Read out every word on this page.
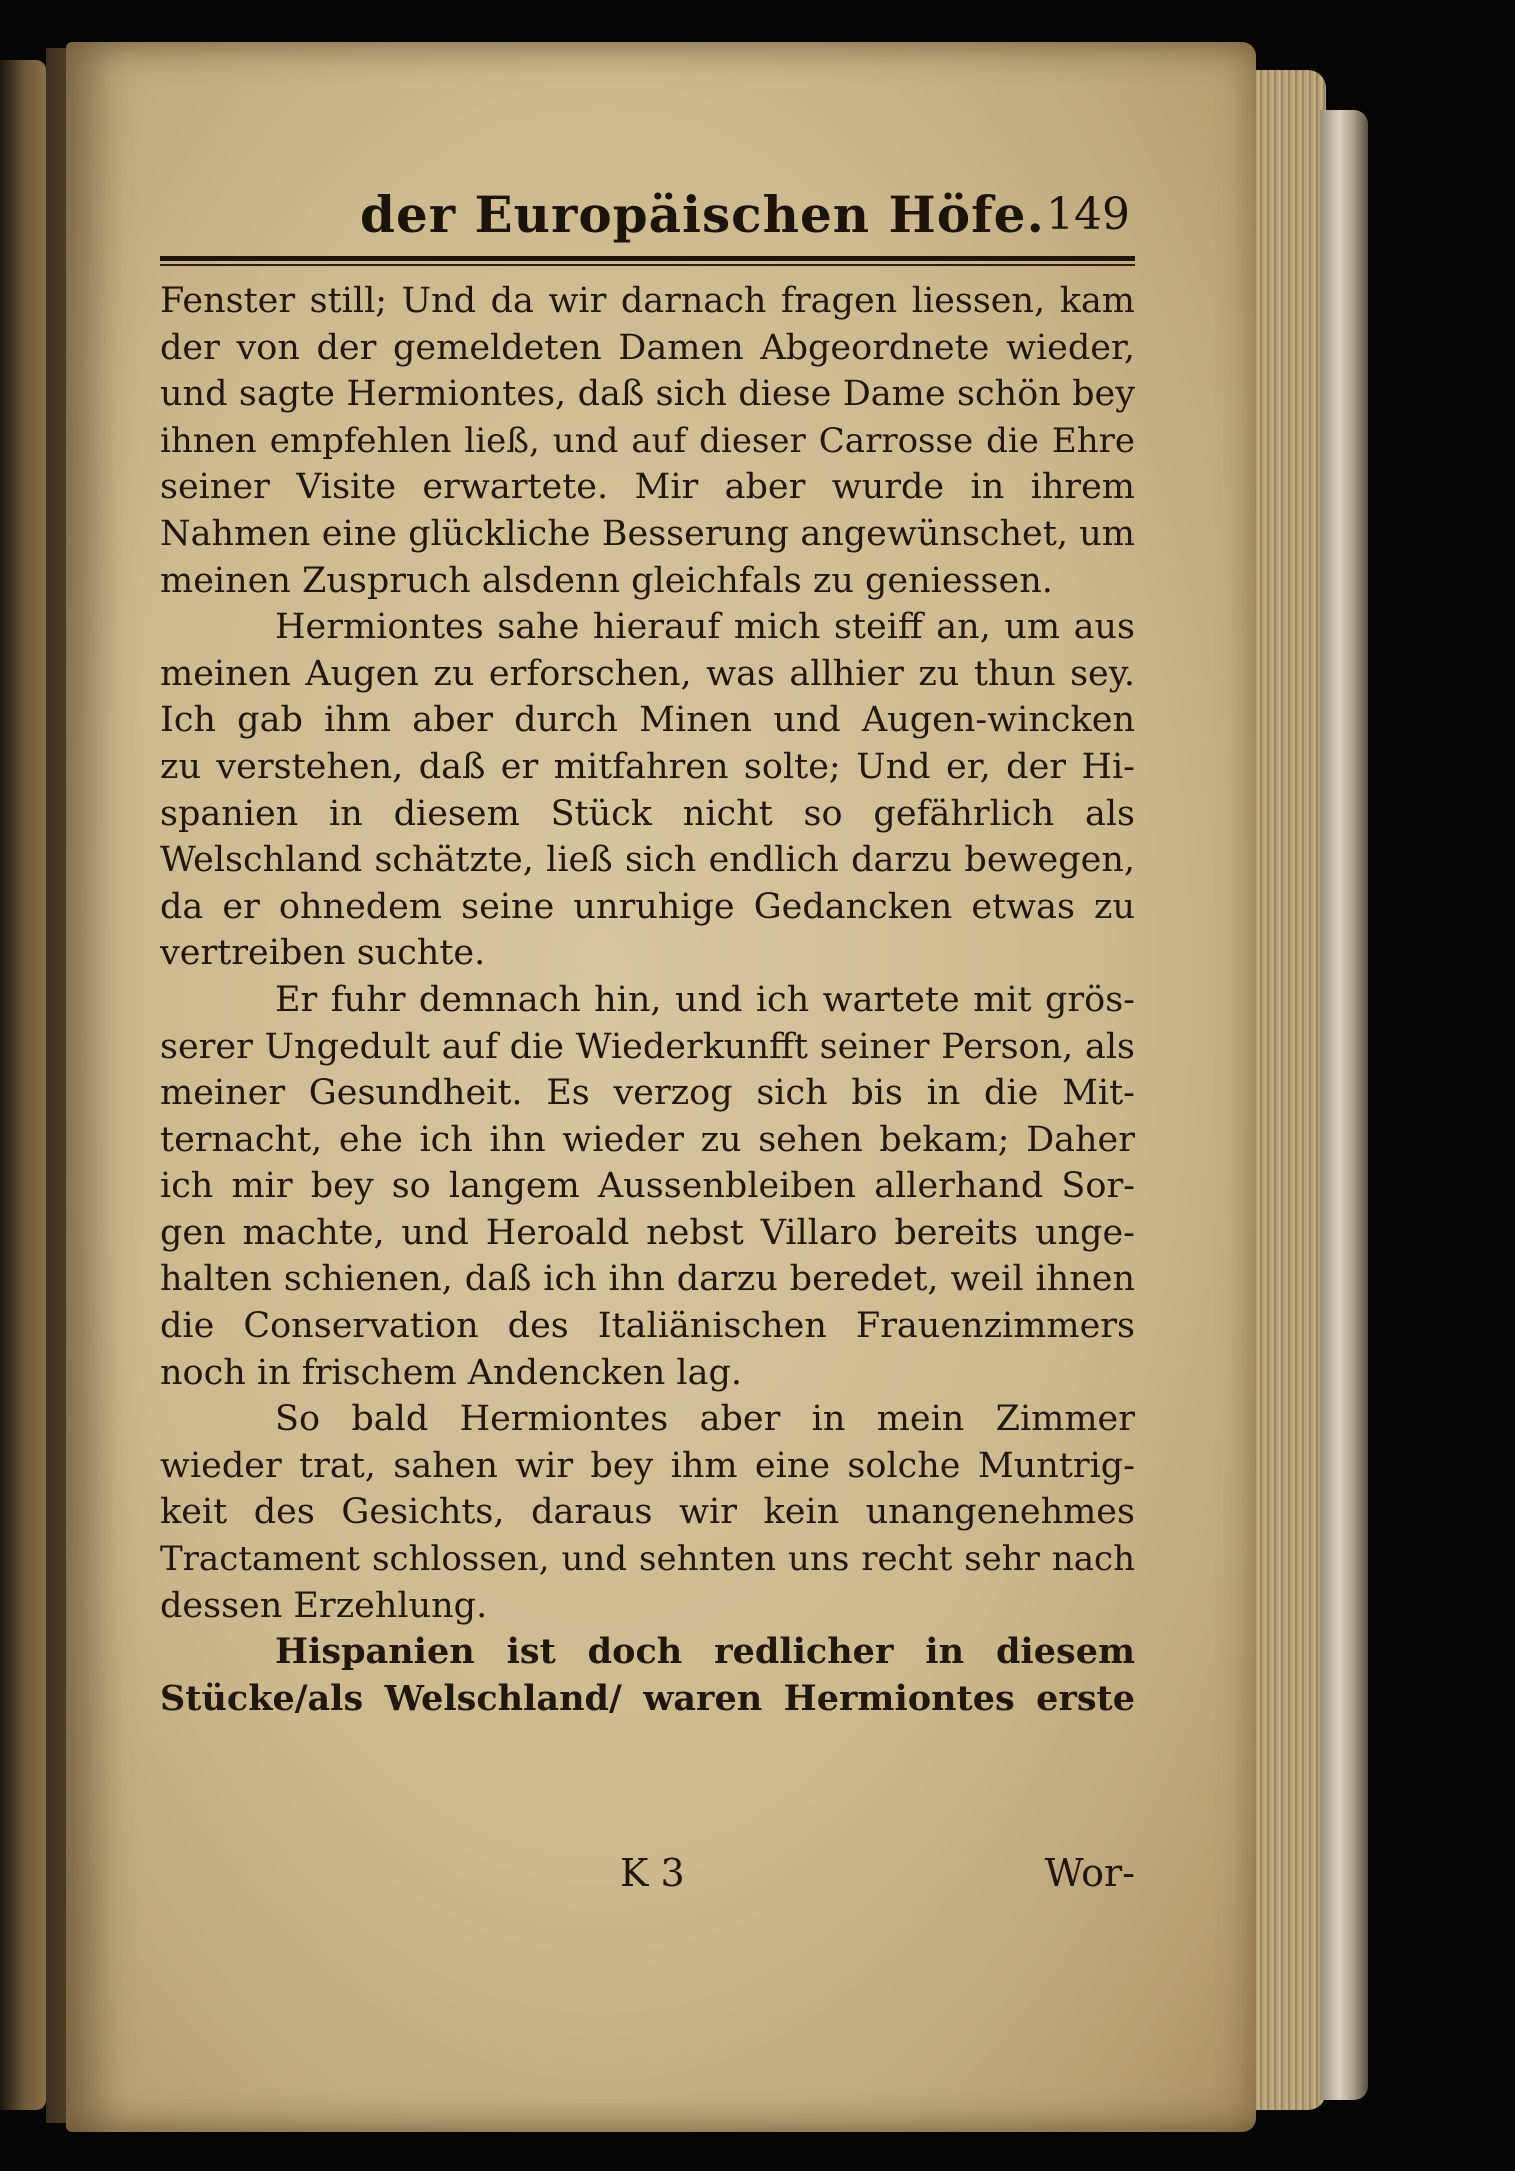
der Europäischen Höfe. 149
Fenster still; Und da wir darnach fragen liessen, kam
der von der gemeldeten Damen Abgeordnete wieder,
und sagte Hermiontes, daß sich diese Dame schön bey
ihnen empfehlen ließ, und auf dieser Carrosse die Ehre
seiner Visite erwartete. Mir aber wurde in ihrem
Nahmen eine glückliche Besserung angewünschet, um
meinen Zuspruch alsdenn gleichfals zu geniessen.
Hermiontes sahe hierauf mich steiff an, um aus
meinen Augen zu erforschen, was allhier zu thun sey.
Ich gab ihm aber durch Minen und Augen-wincken
zu verstehen, daß er mitfahren solte; Und er, der Hi-
spanien in diesem Stück nicht so gefährlich als
Welschland schätzte, ließ sich endlich darzu bewegen,
da er ohnedem seine unruhige Gedancken etwas zu
vertreiben suchte.
Er fuhr demnach hin, und ich wartete mit grös-
serer Ungedult auf die Wiederkunfft seiner Person, als
meiner Gesundheit. Es verzog sich bis in die Mit-
ternacht, ehe ich ihn wieder zu sehen bekam; Daher
ich mir bey so langem Aussenbleiben allerhand Sor-
gen machte, und Heroald nebst Villaro bereits unge-
halten schienen, daß ich ihn darzu beredet, weil ihnen
die Conservation des Italiänischen Frauenzimmers
noch in frischem Andencken lag.
So bald Hermiontes aber in mein Zimmer
wieder trat, sahen wir bey ihm eine solche Muntrig-
keit des Gesichts, daraus wir kein unangenehmes
Tractament schlossen, und sehnten uns recht sehr nach
dessen Erzehlung.
Hispanien ist doch redlicher in diesem
Stücke/als Welschland/ waren Hermiontes erste
K 3	Wor-
